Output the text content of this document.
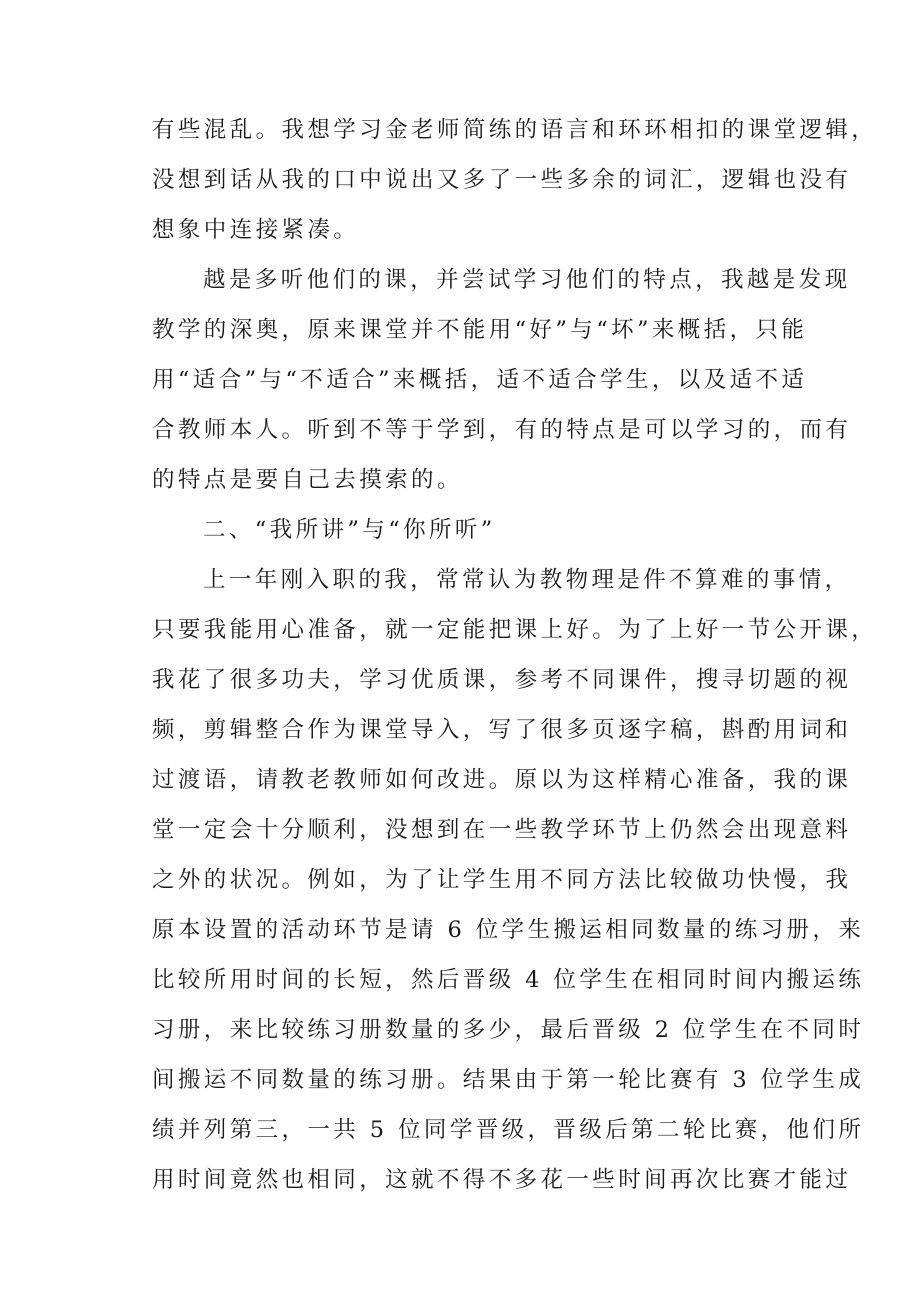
有些混乱。我想学习金老师简练的语言和环环相扣的课堂逻辑，
没想到话从我的口中说出又多了一些多余的词汇，逻辑也没有
想象中连接紧凑。
越是多听他们的课，并尝试学习他们的特点，我越是发现
教学的深奥，原来课堂并不能用“好”与“坏”来概括，只能
用“适合”与“不适合”来概括，适不适合学生，以及适不适
合教师本人。听到不等于学到，有的特点是可以学习的，而有
的特点是要自己去摸索的。
二、“我所讲”与“你所听”
上一年刚入职的我，常常认为教物理是件不算难的事情，
只要我能用心准备，就一定能把课上好。为了上好一节公开课，
我花了很多功夫，学习优质课，参考不同课件，搜寻切题的视
频，剪辑整合作为课堂导入，写了很多页逐字稿，斟酌用词和
过渡语，请教老教师如何改进。原以为这样精心准备，我的课
堂一定会十分顺利，没想到在一些教学环节上仍然会出现意料
之外的状况。例如，为了让学生用不同方法比较做功快慢，我
原本设置的活动环节是请 6 位学生搬运相同数量的练习册，来
比较所用时间的长短，然后晋级 4 位学生在相同时间内搬运练
习册，来比较练习册数量的多少，最后晋级 2 位学生在不同时
间搬运不同数量的练习册。结果由于第一轮比赛有 3 位学生成
绩并列第三，一共 5 位同学晋级，晋级后第二轮比赛，他们所
用时间竟然也相同，这就不得不多花一些时间再次比赛才能过
